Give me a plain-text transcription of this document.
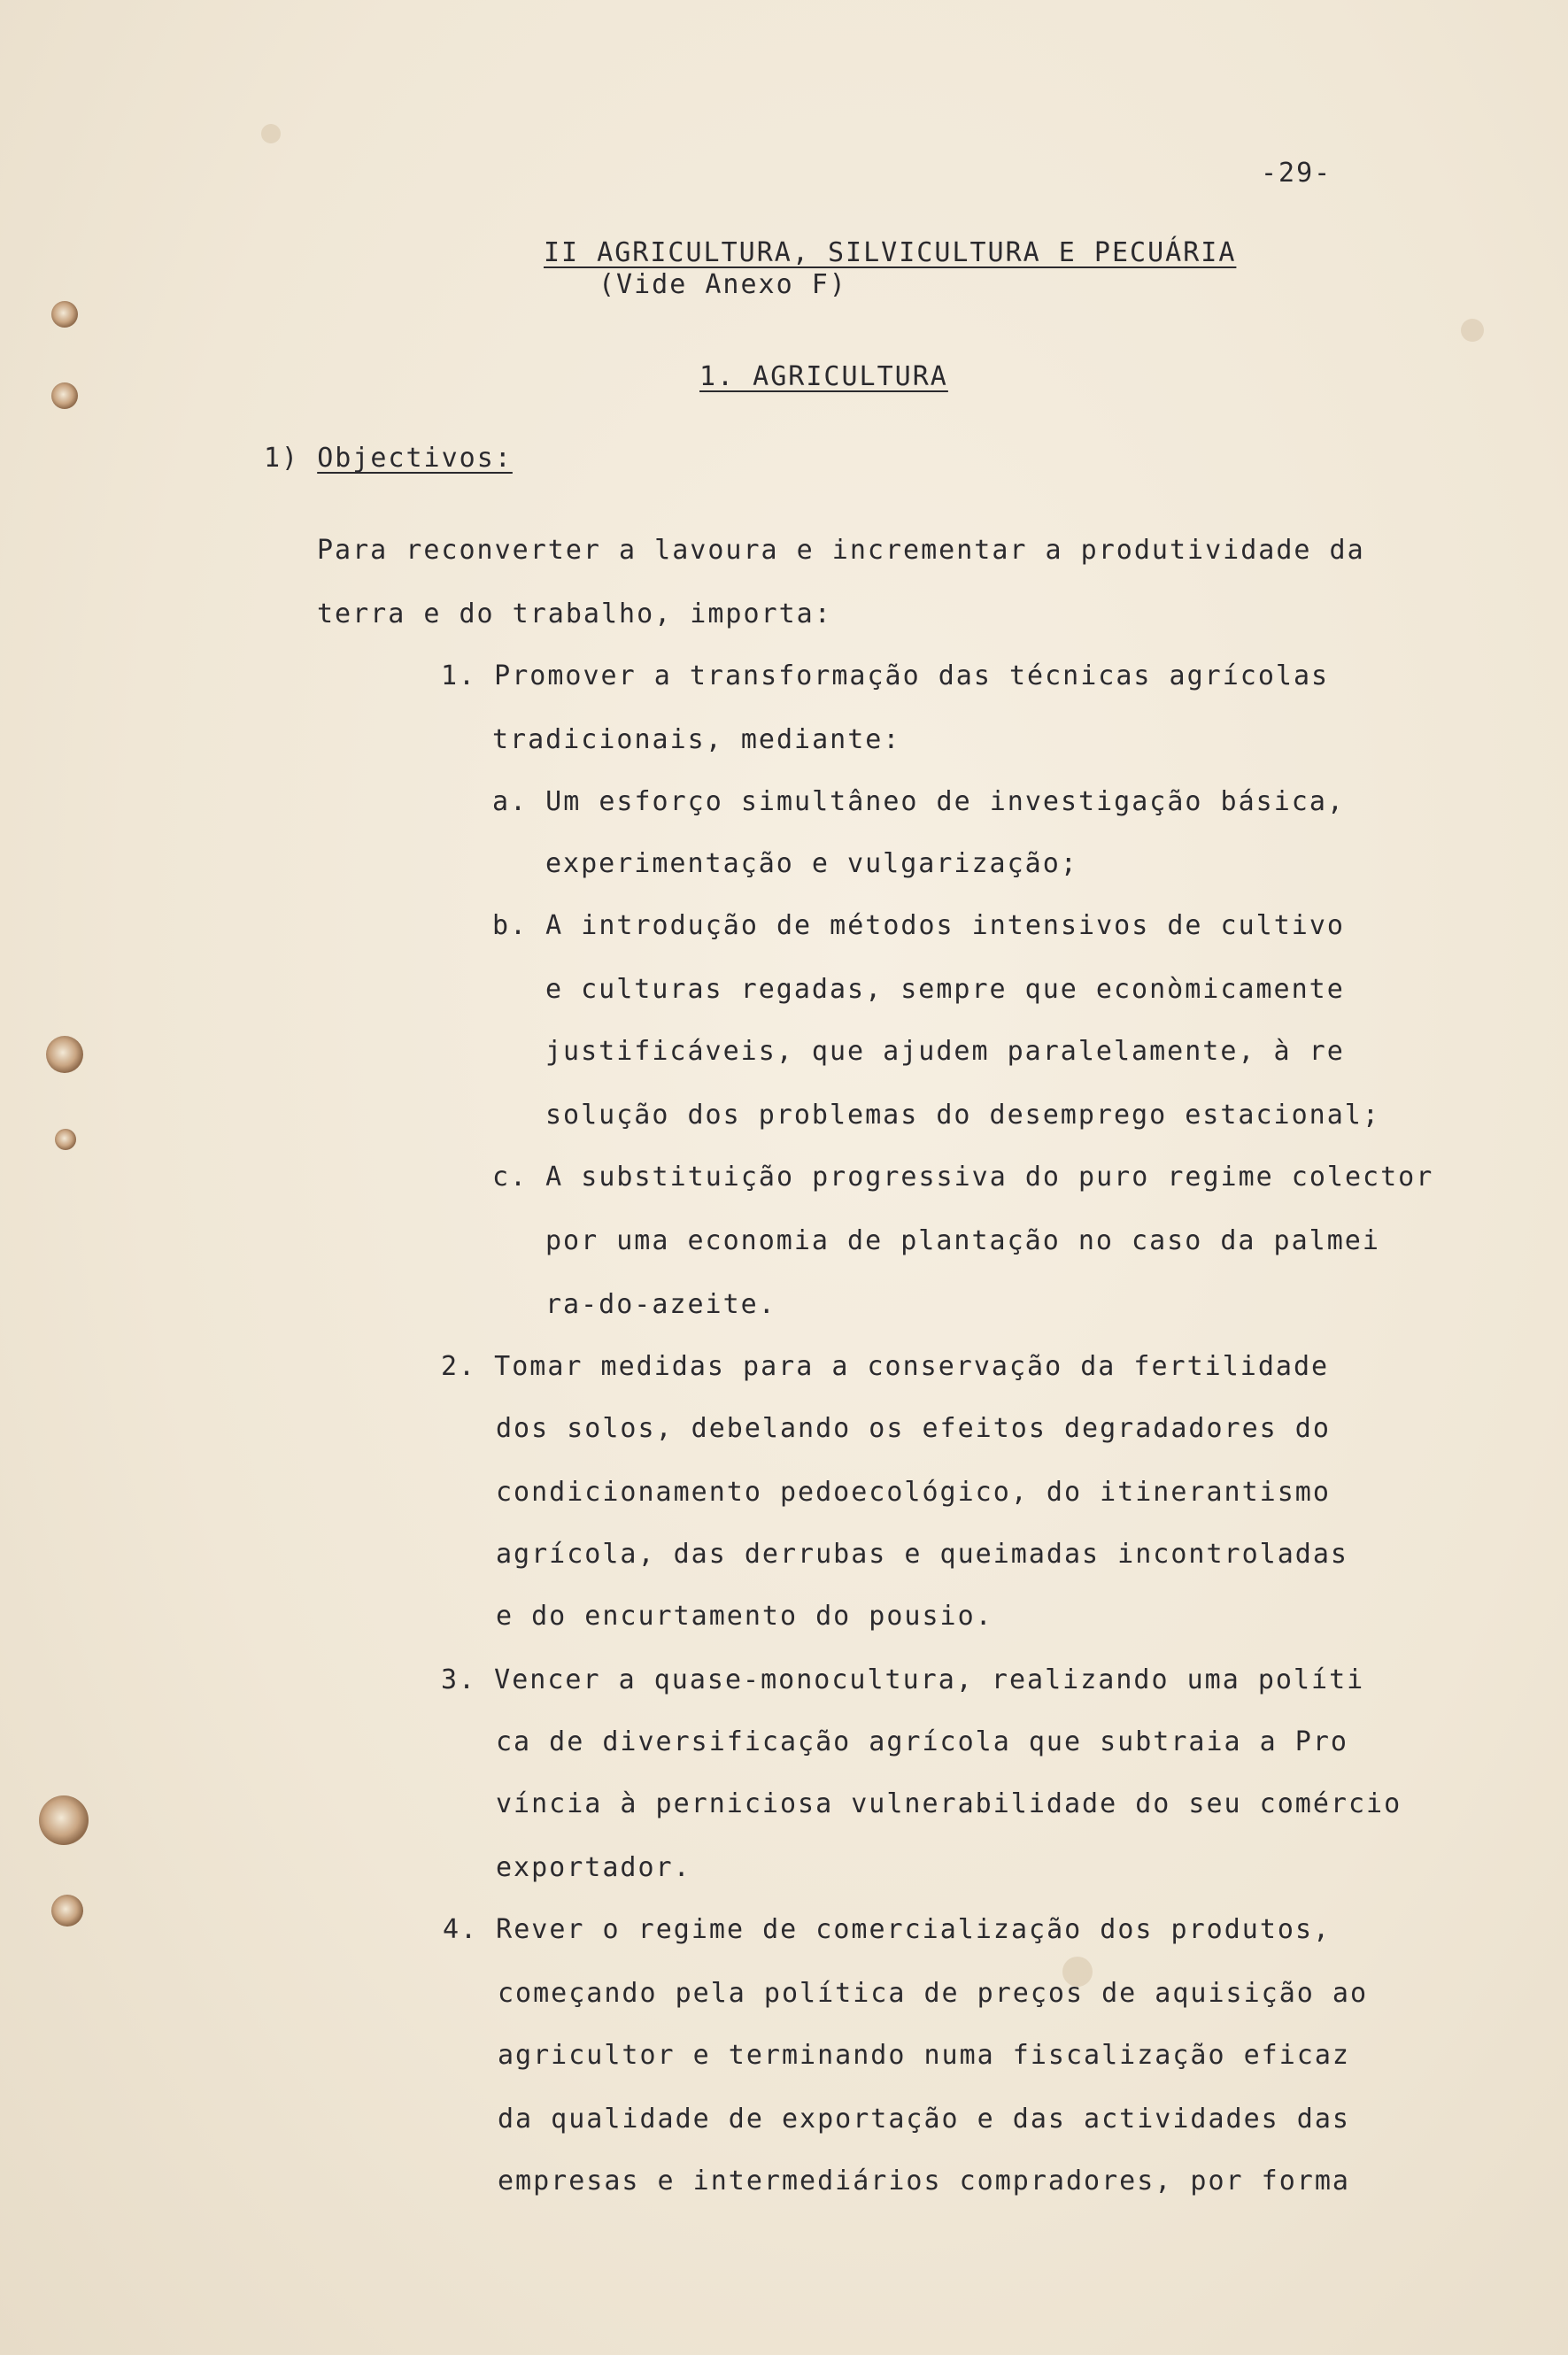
-29-
II AGRICULTURA, SILVICULTURA E PECUÁRIA
(Vide Anexo F)
1. AGRICULTURA
1) Objectivos:
Para reconverter a lavoura e incrementar a produtividade da
terra e do trabalho, importa:
1. Promover a transformação das técnicas agrícolas
tradicionais, mediante:
a. Um esforço simultâneo de investigação básica,
experimentação e vulgarização;
b. A introdução de métodos intensivos de cultivo
e culturas regadas, sempre que econòmicamente
justificáveis, que ajudem paralelamente, à re
solução dos problemas do desemprego estacional;
c. A substituição progressiva do puro regime colector
por uma economia de plantação no caso da palmei
ra-do-azeite.
2. Tomar medidas para a conservação da fertilidade
dos solos, debelando os efeitos degradadores do
condicionamento pedoecológico, do itinerantismo
agrícola, das derrubas e queimadas incontroladas
e do encurtamento do pousio.
3. Vencer a quase-monocultura, realizando uma políti
ca de diversificação agrícola que subtraia a Pro
víncia à perniciosa vulnerabilidade do seu comércio
exportador.
4. Rever o regime de comercialização dos produtos,
começando pela política de preços de aquisição ao
agricultor e terminando numa fiscalização eficaz
da qualidade de exportação e das actividades das
empresas e intermediários compradores, por forma
